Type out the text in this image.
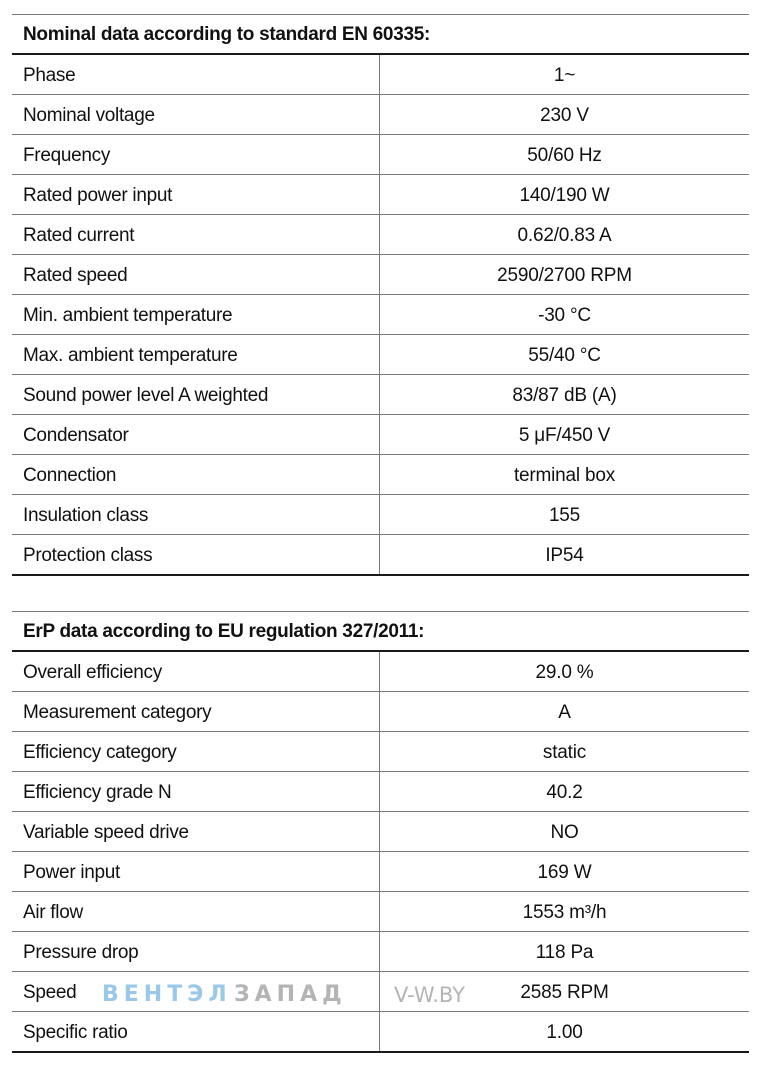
Nominal data according to standard EN 60335:
Phase	1~
Nominal voltage	230 V
Frequency	50/60 Hz
Rated power input	140/190 W
Rated current	0.62/0.83 A
Rated speed	2590/2700 RPM
Min. ambient temperature	-30 °C
Max. ambient temperature	55/40 °C
Sound power level A weighted	83/87 dB (A)
Condensator	5 μF/450 V
Connection	terminal box
Insulation class	155
Protection class	IP54
ErP data according to EU regulation 327/2011:
Overall efficiency	29.0 %
Measurement category	A
Efficiency category	static
Efficiency grade N	40.2
Variable speed drive	NO
Power input	169 W
Air flow	1553 m³/h
Pressure drop	118 Pa
Speed	2585 RPM
Specific ratio	1.00
ВЕНТЭЛ ЗАПАД V-W.BY
